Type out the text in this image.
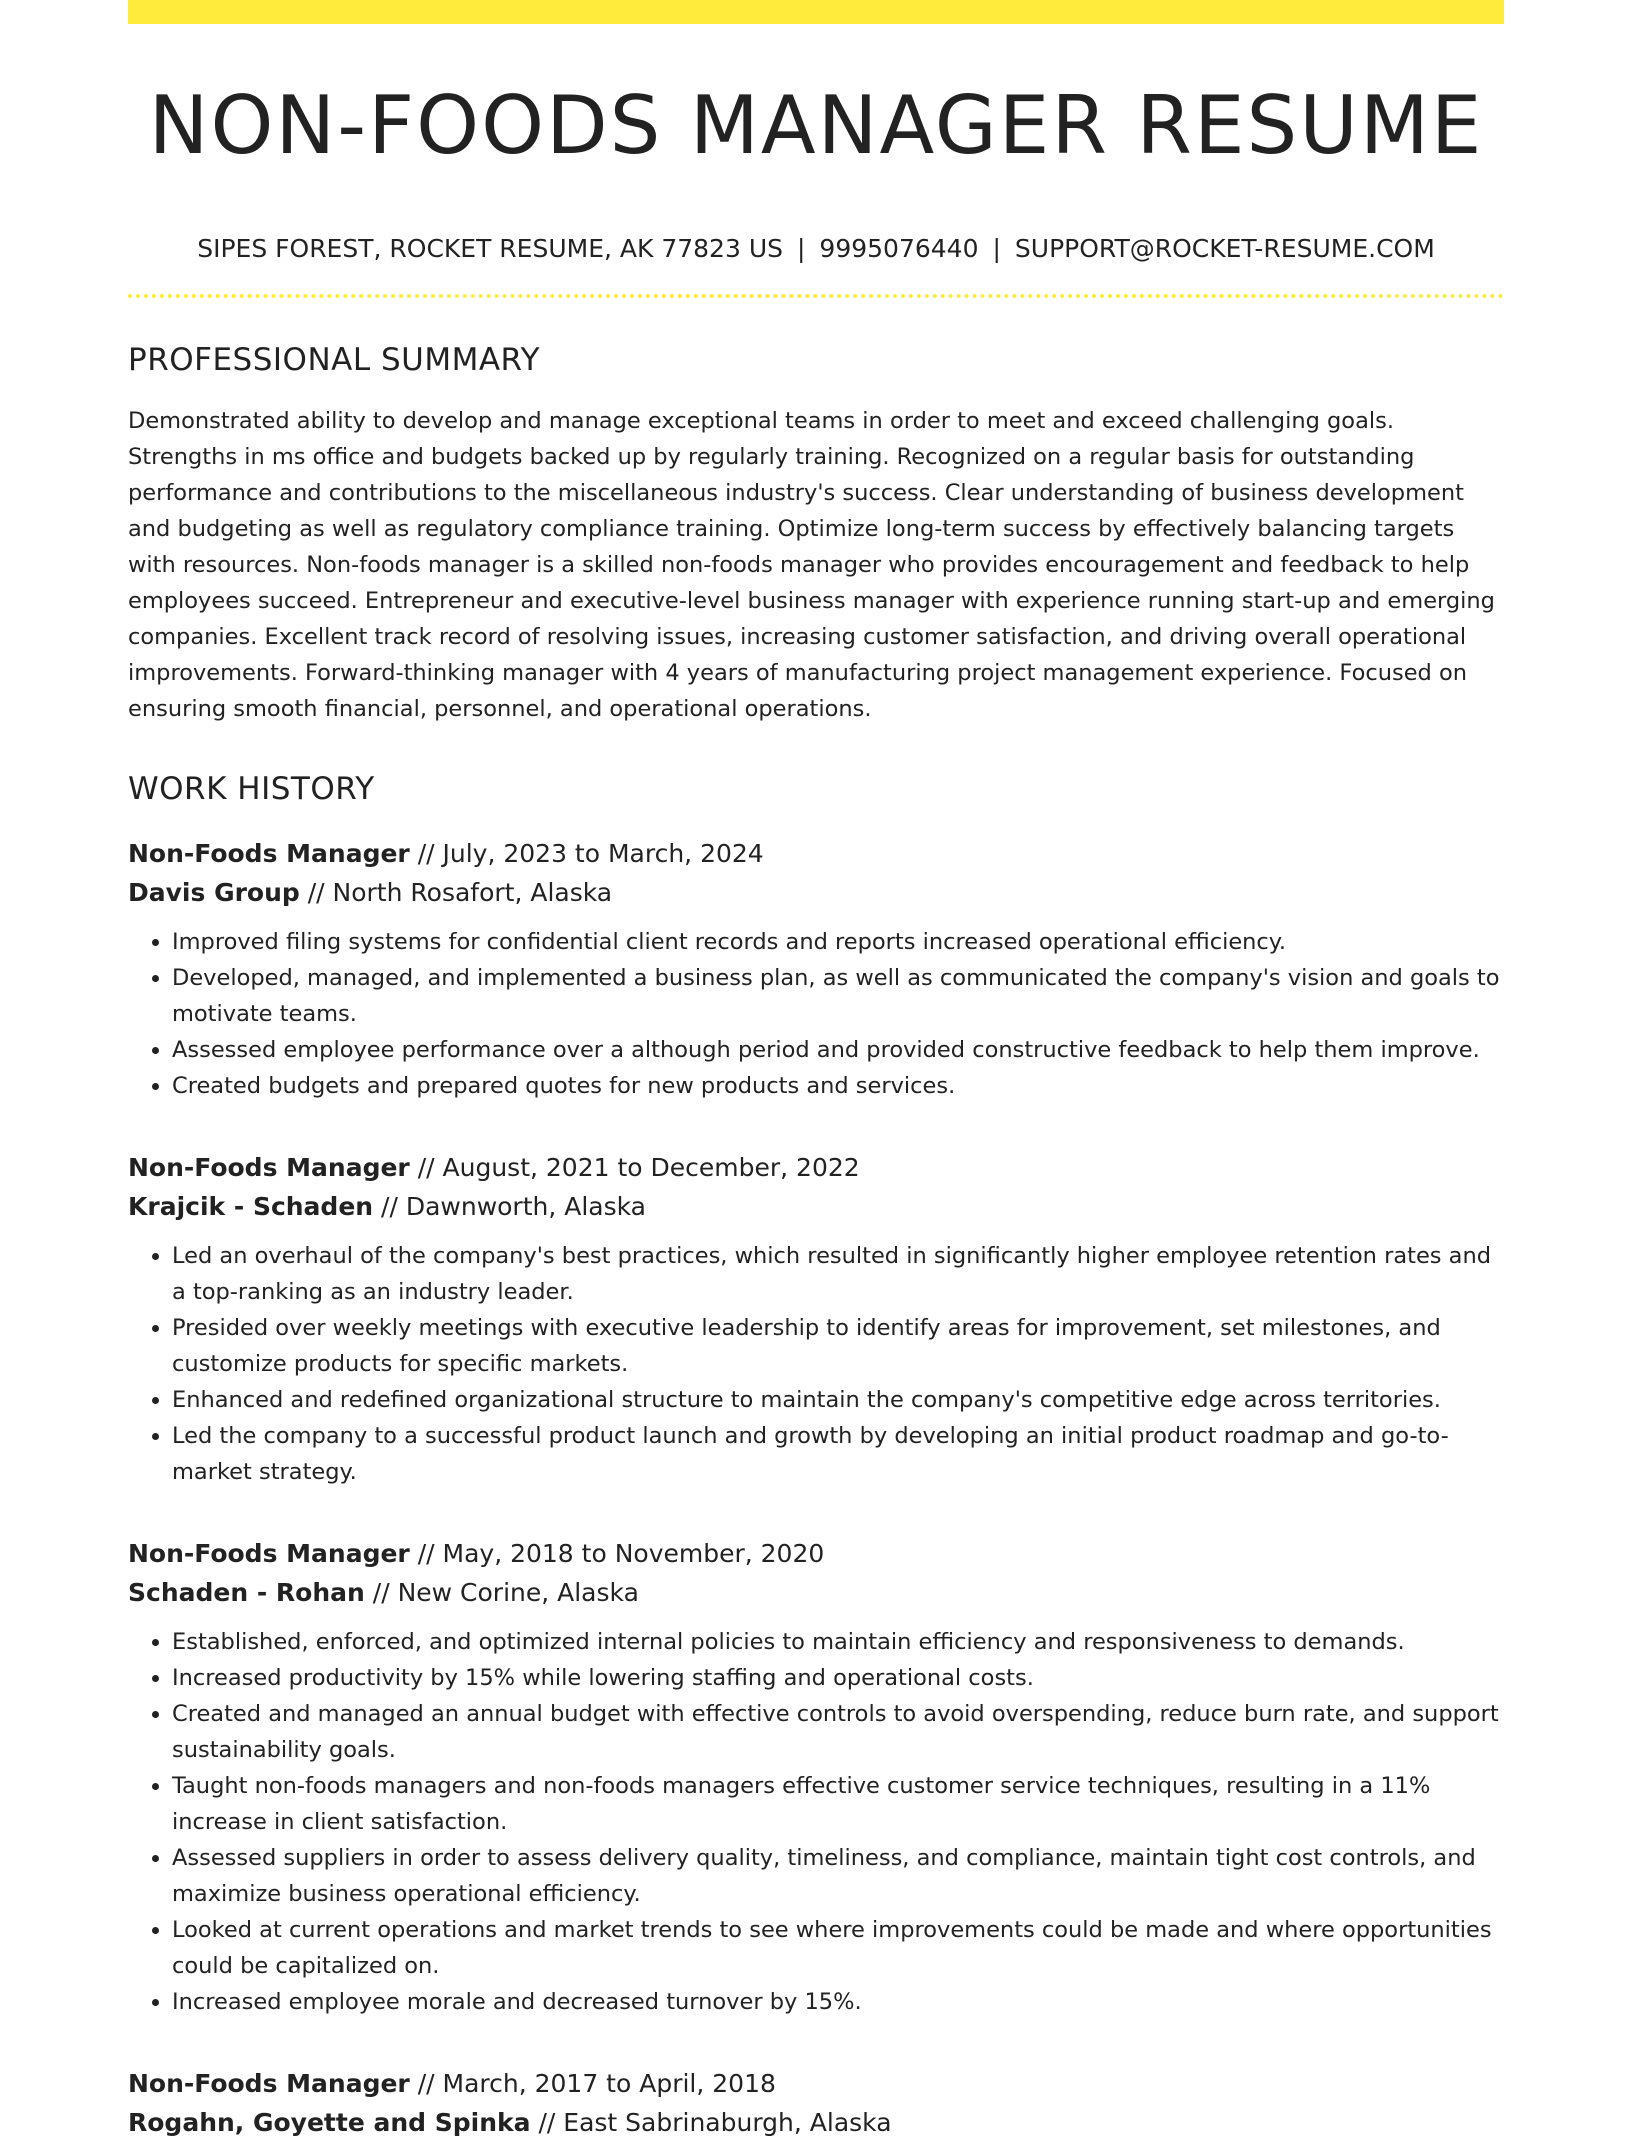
NON-FOODS MANAGER RESUME
SIPES FOREST, ROCKET RESUME, AK 77823 US | 9995076440 | SUPPORT@ROCKET-RESUME.COM
PROFESSIONAL SUMMARY

Demonstrated ability to develop and manage exceptional teams in order to meet and exceed challenging goals. Strengths in ms office and budgets backed up by regularly training. Recognized on a regular basis for outstanding performance and contributions to the miscellaneous industry's success. Clear understanding of business development and budgeting as well as regulatory compliance training. Optimize long-term success by effectively balancing targets with resources. Non-foods manager is a skilled non-foods manager who provides encouragement and feedback to help employees succeed. Entrepreneur and executive-level business manager with experience running start-up and emerging companies. Excellent track record of resolving issues, increasing customer satisfaction, and driving overall operational improvements. Forward-thinking manager with 4 years of manufacturing project management experience. Focused on ensuring smooth financial, personnel, and operational operations.

WORK HISTORY
Non-Foods Manager // July, 2023 to March, 2024
Davis Group // North Rosafort, Alaska
• Improved filing systems for confidential client records and reports increased operational efficiency.
• Developed, managed, and implemented a business plan, as well as communicated the company's vision and goals to motivate teams.
• Assessed employee performance over a although period and provided constructive feedback to help them improve.
• Created budgets and prepared quotes for new products and services.
Non-Foods Manager // August, 2021 to December, 2022
Krajcik - Schaden // Dawnworth, Alaska
• Led an overhaul of the company's best practices, which resulted in significantly higher employee retention rates and a top-ranking as an industry leader.
• Presided over weekly meetings with executive leadership to identify areas for improvement, set milestones, and customize products for specific markets.
• Enhanced and redefined organizational structure to maintain the company's competitive edge across territories.
• Led the company to a successful product launch and growth by developing an initial product roadmap and go-to-market strategy.
Non-Foods Manager // May, 2018 to November, 2020
Schaden - Rohan // New Corine, Alaska
• Established, enforced, and optimized internal policies to maintain efficiency and responsiveness to demands.
• Increased productivity by 15% while lowering staffing and operational costs.
• Created and managed an annual budget with effective controls to avoid overspending, reduce burn rate, and support sustainability goals.
• Taught non-foods managers and non-foods managers effective customer service techniques, resulting in a 11% increase in client satisfaction.
• Assessed suppliers in order to assess delivery quality, timeliness, and compliance, maintain tight cost controls, and maximize business operational efficiency.
• Looked at current operations and market trends to see where improvements could be made and where opportunities could be capitalized on.
• Increased employee morale and decreased turnover by 15%.
Non-Foods Manager // March, 2017 to April, 2018
Rogahn, Goyette and Spinka // East Sabrinaburgh, Alaska
